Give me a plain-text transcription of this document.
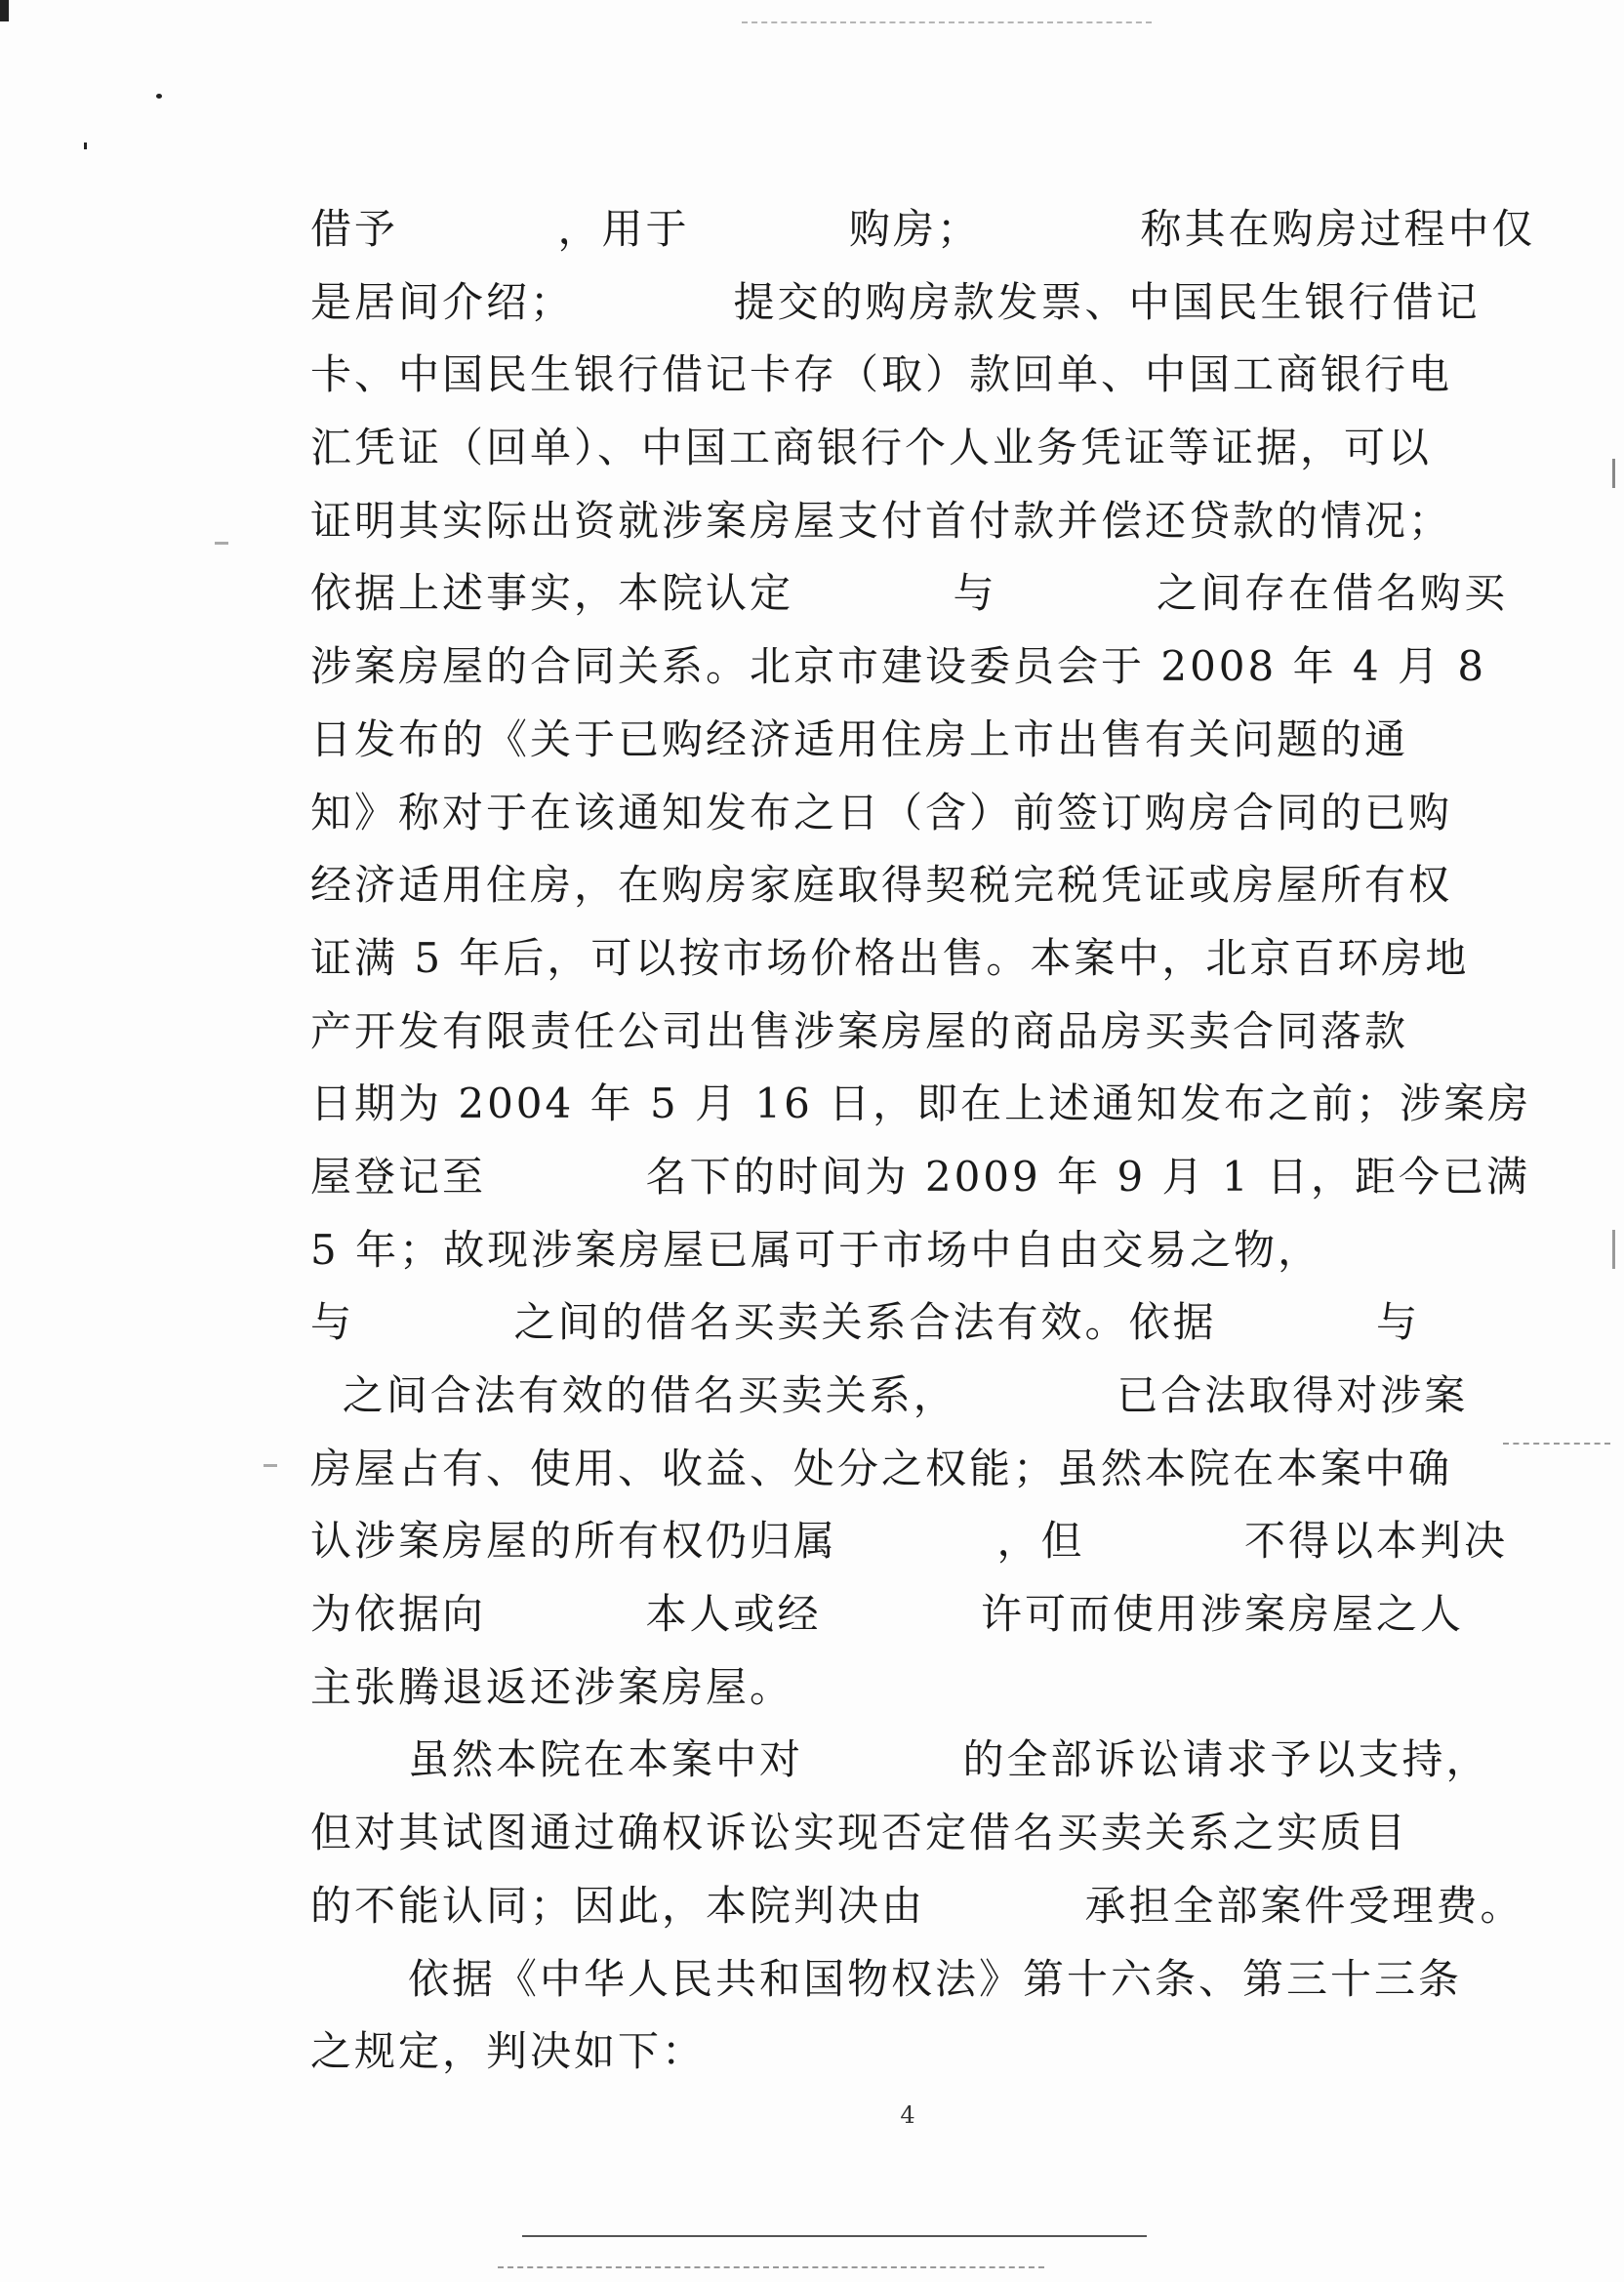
借予          ，用于          购房；          称其在购房过程中仅
是居间介绍；          提交的购房款发票、中国民生银行借记
卡、中国民生银行借记卡存（取）款回单、中国工商银行电
汇凭证（回单）、中国工商银行个人业务凭证等证据，可以
证明其实际出资就涉案房屋支付首付款并偿还贷款的情况；
依据上述事实，本院认定          与          之间存在借名购买
涉案房屋的合同关系。北京市建设委员会于 2008 年 4 月 8
日发布的《关于已购经济适用住房上市出售有关问题的通
知》称对于在该通知发布之日（含）前签订购房合同的已购
经济适用住房，在购房家庭取得契税完税凭证或房屋所有权
证满 5 年后，可以按市场价格出售。本案中，北京百环房地
产开发有限责任公司出售涉案房屋的商品房买卖合同落款
日期为 2004 年 5 月 16 日，即在上述通知发布之前；涉案房
屋登记至          名下的时间为 2009 年 9 月 1 日，距今已满
5 年；故现涉案房屋已属可于市场中自由交易之物，
与          之间的借名买卖关系合法有效。依据          与
之间合法有效的借名买卖关系，          已合法取得对涉案
房屋占有、使用、收益、处分之权能；虽然本院在本案中确
认涉案房屋的所有权仍归属          ，但          不得以本判决
为依据向          本人或经          许可而使用涉案房屋之人
主张腾退返还涉案房屋。
虽然本院在本案中对          的全部诉讼请求予以支持，
但对其试图通过确权诉讼实现否定借名买卖关系之实质目
的不能认同；因此，本院判决由          承担全部案件受理费。
依据《中华人民共和国物权法》第十六条、第三十三条
之规定，判决如下：
4
